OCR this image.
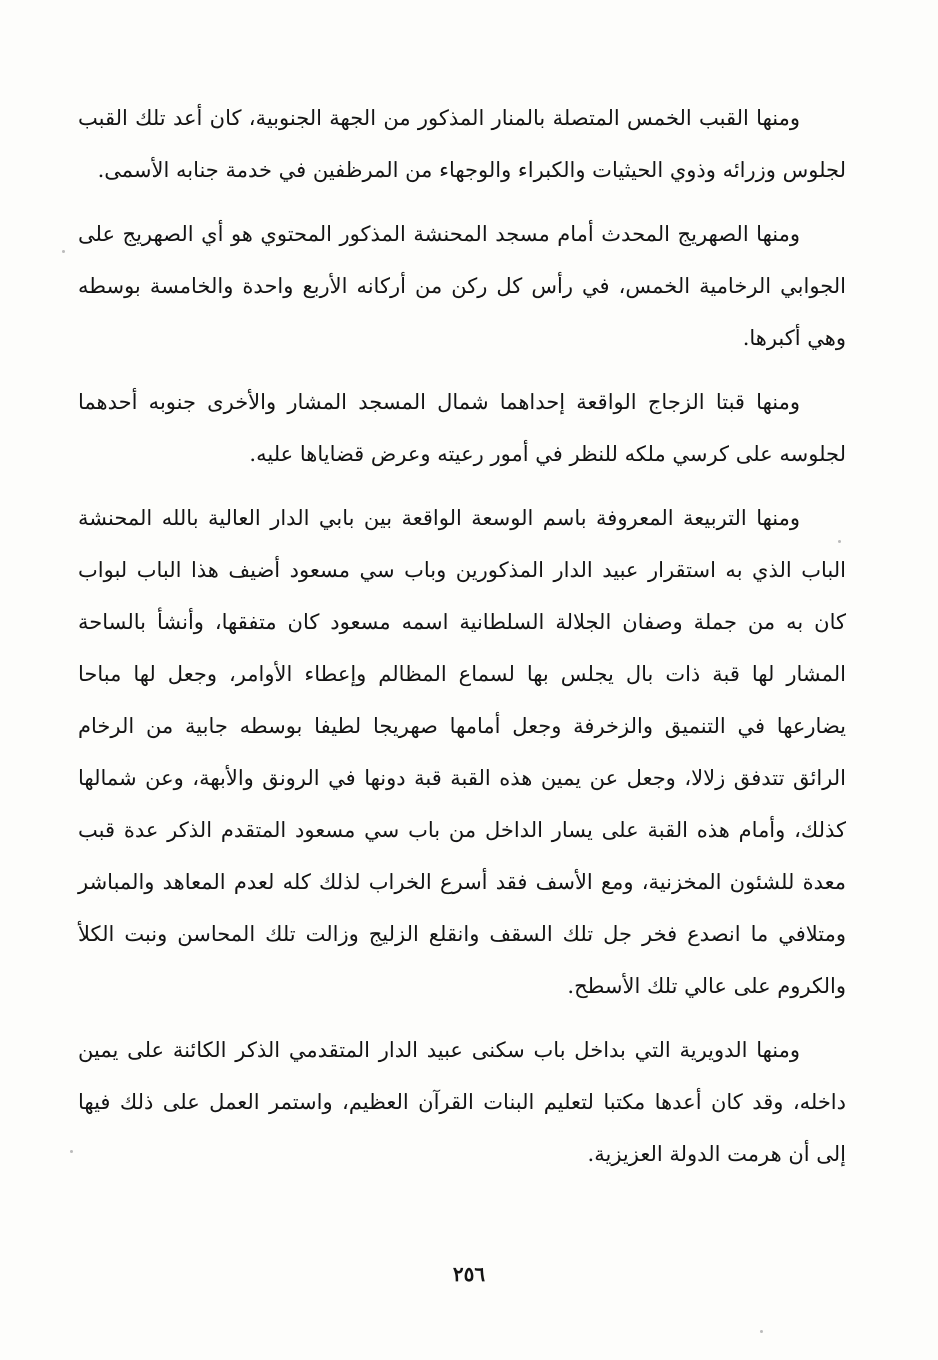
ومنها القبب الخمس المتصلة بالمنار المذكور من الجهة الجنوبية، كان أعد تلك القبب لجلوس وزرائه وذوي الحيثيات والكبراء والوجهاء من المرظفين في خدمة جنابه الأسمى.

ومنها الصهريج المحدث أمام مسجد المحنشة المذكور المحتوي هو أي الصهريج على الجوابي الرخامية الخمس، في رأس كل ركن من أركانه الأربع واحدة والخامسة بوسطه وهي أكبرها.

ومنها قبتا الزجاج الواقعة إحداهما شمال المسجد المشار والأخرى جنوبه أحدهما لجلوسه على كرسي ملكه للنظر في أمور رعيته وعرض قضاياها عليه.

ومنها التربيعة المعروفة باسم الوسعة الواقعة بين بابي الدار العالية بالله المحنشة الباب الذي به استقرار عبيد الدار المذكورين وباب سي مسعود أضيف هذا الباب لبواب كان به من جملة وصفان الجلالة السلطانية اسمه مسعود كان متفقها، وأنشأ بالساحة المشار لها قبة ذات بال يجلس بها لسماع المظالم وإعطاء الأوامر، وجعل لها مباحا يضارعها في التنميق والزخرفة وجعل أمامها صهريجا لطيفا بوسطه جابية من الرخام الرائق تتدفق زلالا، وجعل عن يمين هذه القبة قبة دونها في الرونق والأبهة، وعن شمالها كذلك، وأمام هذه القبة على يسار الداخل من باب سي مسعود المتقدم الذكر عدة قبب معدة للشئون المخزنية، ومع الأسف فقد أسرع الخراب لذلك كله لعدم المعاهد والمباشر ومتلافي ما انصدع فخر جل تلك السقف وانقلع الزليج وزالت تلك المحاسن ونبت الكلأ والكروم على عالي تلك الأسطح.

ومنها الدويرية التي بداخل باب سكنى عبيد الدار المتقدمي الذكر الكائنة على يمين داخله، وقد كان أعدها مكتبا لتعليم البنات القرآن العظيم، واستمر العمل على ذلك فيها إلى أن هرمت الدولة العزيزية.

٢٥٦
